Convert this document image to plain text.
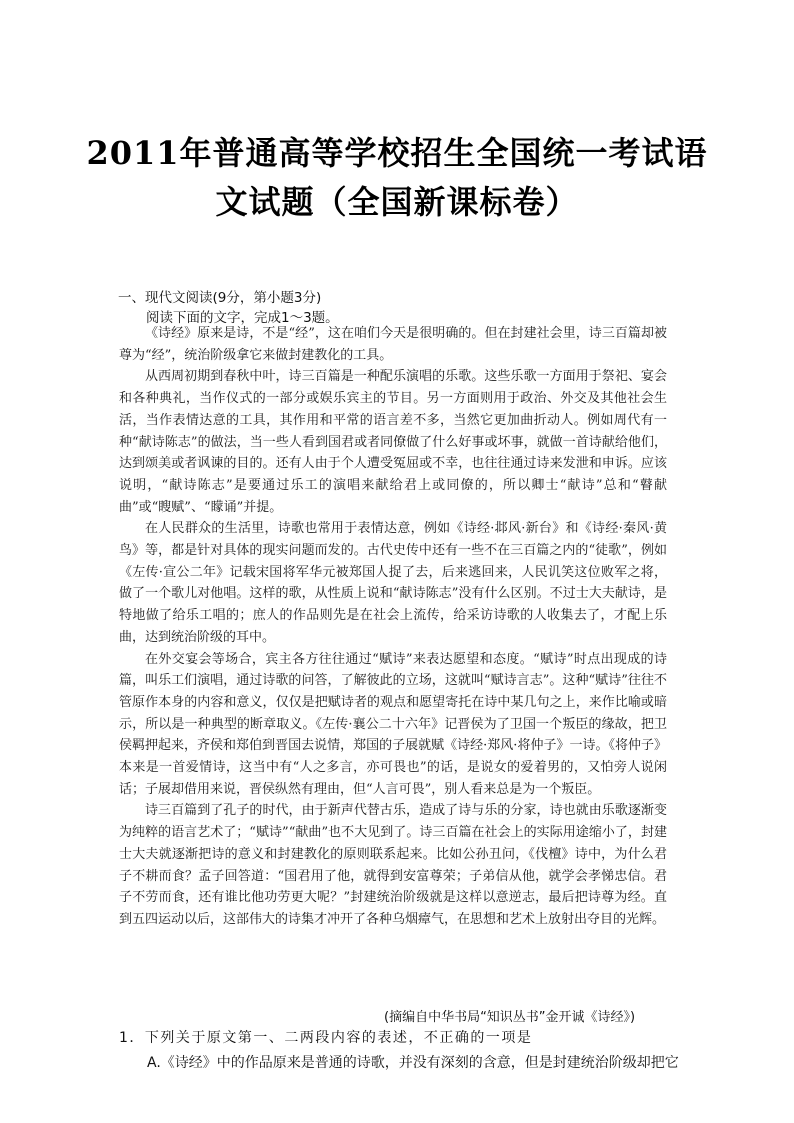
2011年普通高等学校招生全国统一考试语
文试题（全国新课标卷）
一、现代文阅读(9分，第小题3分)
阅读下面的文字，完成1～3题。

《诗经》原来是诗，不是“经”，这在咱们今天是很明确的。但在封建社会里，诗三百篇却被尊为“经”，统治阶级拿它来做封建教化的工具。

从西周初期到春秋中叶，诗三百篇是一种配乐演唱的乐歌。这些乐歌一方面用于祭祀、宴会和各种典礼，当作仪式的一部分或娱乐宾主的节目。另一方面则用于政治、外交及其他社会生活，当作表情达意的工具，其作用和平常的语言差不多，当然它更加曲折动人。例如周代有一种“献诗陈志”的做法，当一些人看到国君或者同僚做了什么好事或坏事，就做一首诗献给他们，达到颂美或者讽谏的目的。还有人由于个人遭受冤屈或不幸，也往往通过诗来发泄和申诉。应该说明，“献诗陈志”是要通过乐工的演唱来献给君上或同僚的，所以卿士“献诗”总和“瞽献曲”或“瞍赋”、“矇诵”并提。

在人民群众的生活里，诗歌也常用于表情达意，例如《诗经·邶风·新台》和《诗经·秦风·黄鸟》等，都是针对具体的现实问题而发的。古代史传中还有一些不在三百篇之内的“徒歌”，例如《左传·宣公二年》记载宋国将军华元被郑国人捉了去，后来逃回来，人民讥笑这位败军之将，做了一个歌儿对他唱。这样的歌，从性质上说和“献诗陈志”没有什么区别。不过士大夫献诗，是特地做了给乐工唱的；庶人的作品则先是在社会上流传，给采访诗歌的人收集去了，才配上乐曲，达到统治阶级的耳中。

在外交宴会等场合，宾主各方往往通过“赋诗”来表达愿望和态度。“赋诗”时点出现成的诗篇，叫乐工们演唱，通过诗歌的问答，了解彼此的立场，这就叫“赋诗言志”。这种“赋诗”往往不管原作本身的内容和意义，仅仅是把赋诗者的观点和愿望寄托在诗中某几句之上，来作比喻或暗示，所以是一种典型的断章取义。《左传·襄公二十六年》记晋侯为了卫国一个叛臣的缘故，把卫侯羁押起来，齐侯和郑伯到晋国去说情，郑国的子展就赋《诗经·郑风·将仲子》一诗。《将仲子》本来是一首爱情诗，这当中有“人之多言，亦可畏也”的话，是说女的爱着男的，又怕旁人说闲话；子展却借用来说，晋侯纵然有理由，但“人言可畏”，别人看来总是为一个叛臣。

诗三百篇到了孔子的时代，由于新声代替古乐，造成了诗与乐的分家，诗也就由乐歌逐渐变为纯粹的语言艺术了；“赋诗”“献曲”也不大见到了。诗三百篇在社会上的实际用途缩小了，封建士大夫就逐渐把诗的意义和封建教化的原则联系起来。比如公孙丑问，《伐檀》诗中，为什么君子不耕而食？孟子回答道：“国君用了他，就得到安富尊荣；子弟信从他，就学会孝悌忠信。君子不劳而食，还有谁比他功劳更大呢？”封建统治阶级就是这样以意逆志，最后把诗尊为经。直到五四运动以后，这部伟大的诗集才冲开了各种乌烟瘴气，在思想和艺术上放射出夺目的光辉。

(摘编自中华书局“知识丛书”金开诚《诗经》)
1．下列关于原文第一、二两段内容的表述，不正确的一项是
A.《诗经》中的作品原来是普通的诗歌，并没有深刻的含意，但是封建统治阶级却把它
